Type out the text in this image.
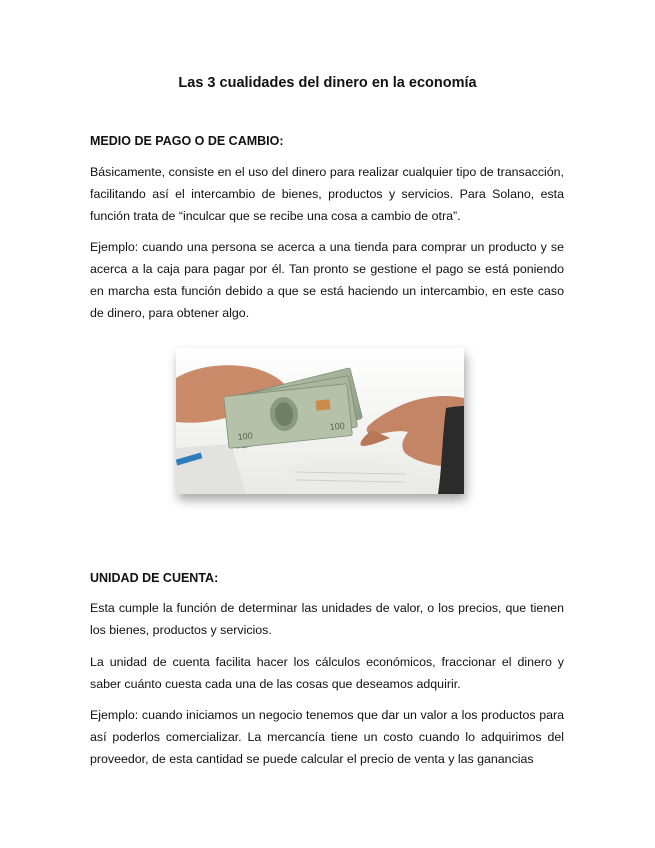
Las 3 cualidades del dinero en la economía
MEDIO DE PAGO O DE CAMBIO:

Básicamente, consiste en el uso del dinero para realizar cualquier tipo de transacción, facilitando así el intercambio de bienes, productos y servicios. Para Solano, esta función trata de “inculcar que se recibe una cosa a cambio de otra”.

Ejemplo: cuando una persona se acerca a una tienda para comprar un producto y se acerca a la caja para pagar por él. Tan pronto se gestione el pago se está poniendo en marcha esta función debido a que se está haciendo un intercambio, en este caso de dinero, para obtener algo.

100
100
UNIDAD DE CUENTA:

Esta cumple la función de determinar las unidades de valor, o los precios, que tienen los bienes, productos y servicios.

La unidad de cuenta facilita hacer los cálculos económicos, fraccionar el dinero y saber cuánto cuesta cada una de las cosas que deseamos adquirir.

Ejemplo: cuando iniciamos un negocio tenemos que dar un valor a los productos para así poderlos comercializar. La mercancía tiene un costo cuando lo adquirimos del proveedor, de esta cantidad se puede calcular el precio de venta y las ganancias
